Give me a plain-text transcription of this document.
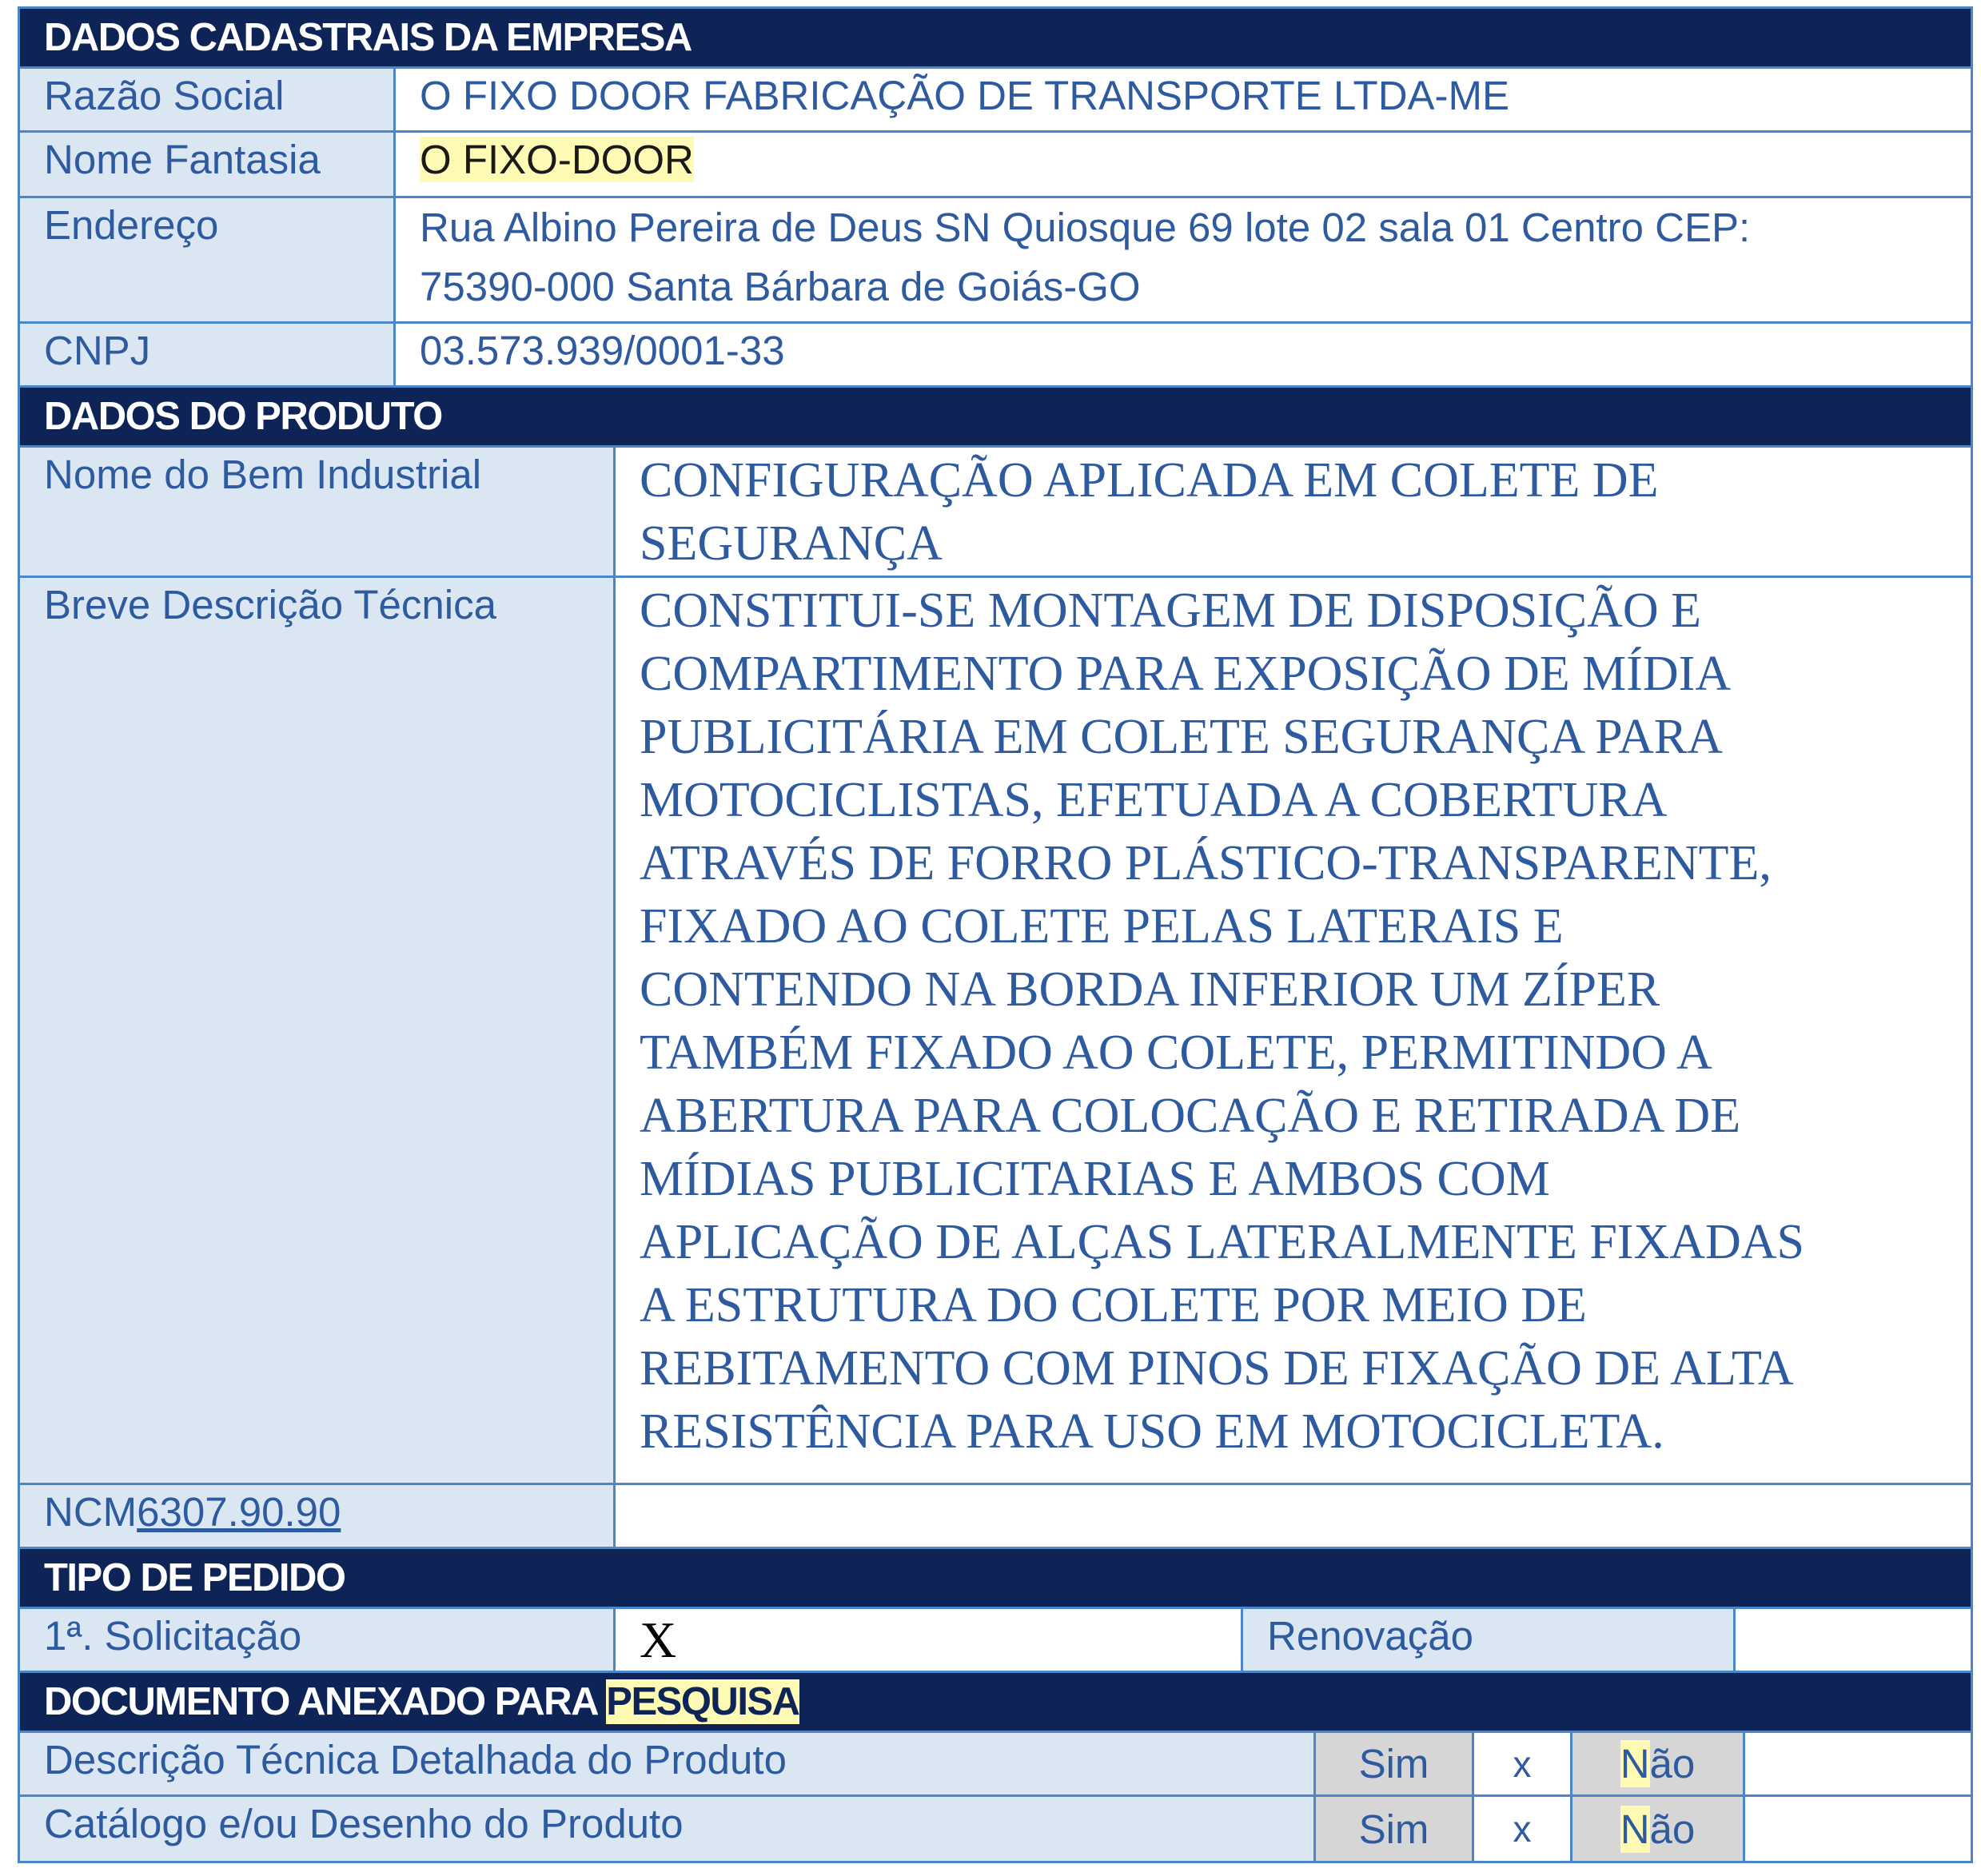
DADOS CADASTRAIS DA EMPRESA
Razão Social	O FIXO DOOR FABRICAÇÃO DE TRANSPORTE LTDA-ME
Nome Fantasia	O FIXO-DOOR
Endereço	Rua Albino Pereira de Deus SN Quiosque 69 lote 02 sala 01 Centro CEP:
75390-000 Santa Bárbara de Goiás-GO
CNPJ	03.573.939/0001-33
DADOS DO PRODUTO
Nome do Bem Industrial	CONFIGURAÇÃO APLICADA EM COLETE DE
SEGURANÇA
Breve Descrição Técnica	CONSTITUI-SE MONTAGEM DE DISPOSIÇÃO E
COMPARTIMENTO PARA EXPOSIÇÃO DE MÍDIA
PUBLICITÁRIA EM COLETE SEGURANÇA PARA
MOTOCICLISTAS, EFETUADA A COBERTURA
ATRAVÉS DE FORRO PLÁSTICO-TRANSPARENTE,
FIXADO AO COLETE PELAS LATERAIS E
CONTENDO NA BORDA INFERIOR UM ZÍPER
TAMBÉM FIXADO AO COLETE, PERMITINDO A
ABERTURA PARA COLOCAÇÃO E RETIRADA DE
MÍDIAS PUBLICITARIAS E AMBOS COM
APLICAÇÃO DE ALÇAS LATERALMENTE FIXADAS
A ESTRUTURA DO COLETE POR MEIO DE
REBITAMENTO COM PINOS DE FIXAÇÃO DE ALTA
RESISTÊNCIA PARA USO EM MOTOCICLETA.
NCM6307.90.90
TIPO DE PEDIDO
1ª. Solicitação	X	Renovação
DOCUMENTO ANEXADO PARA PESQUISA
Descrição Técnica Detalhada do Produto	Sim	x	N ão
Catálogo e/ou Desenho do Produto	Sim	x	N ão
